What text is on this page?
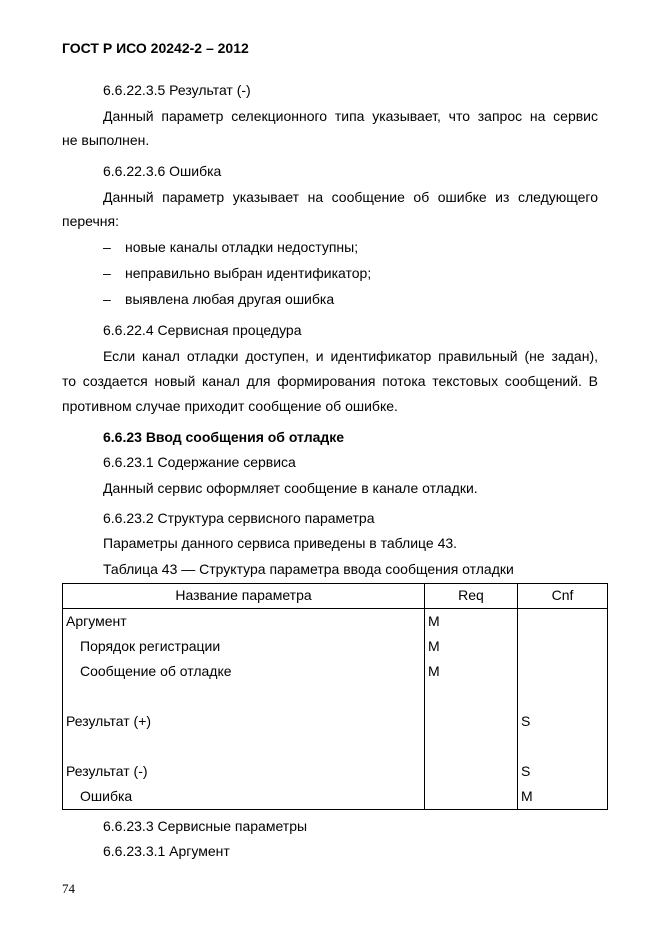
ГОСТ Р ИСО 20242-2 – 2012
6.6.22.3.5 Результат (-)
Данный параметр селекционного типа указывает, что запрос на сервис
не выполнен.
6.6.22.3.6 Ошибка
Данный параметр указывает на сообщение об ошибке из следующего
перечня:
– новые каналы отладки недоступны;
– неправильно выбран идентификатор;
– выявлена любая другая ошибка
6.6.22.4 Сервисная процедура
Если канал отладки доступен, и идентификатор правильный (не задан),
то создается новый канал для формирования потока текстовых сообщений. В
противном случае приходит сообщение об ошибке.
6.6.23 Ввод сообщения об отладке
6.6.23.1 Содержание сервиса
Данный сервис оформляет сообщение в канале отладки.
6.6.23.2 Структура сервисного параметра
Параметры данного сервиса приведены в таблице 43.
Таблица 43 — Структура параметра ввода сообщения отладки
Название параметра	Req	Cnf
Аргумент	M	
Порядок регистрации	M	
Сообщение об отладке	M	

Результат (+)		S

Результат (-)		S
Ошибка		M
6.6.23.3 Сервисные параметры
6.6.23.3.1 Аргумент
74
